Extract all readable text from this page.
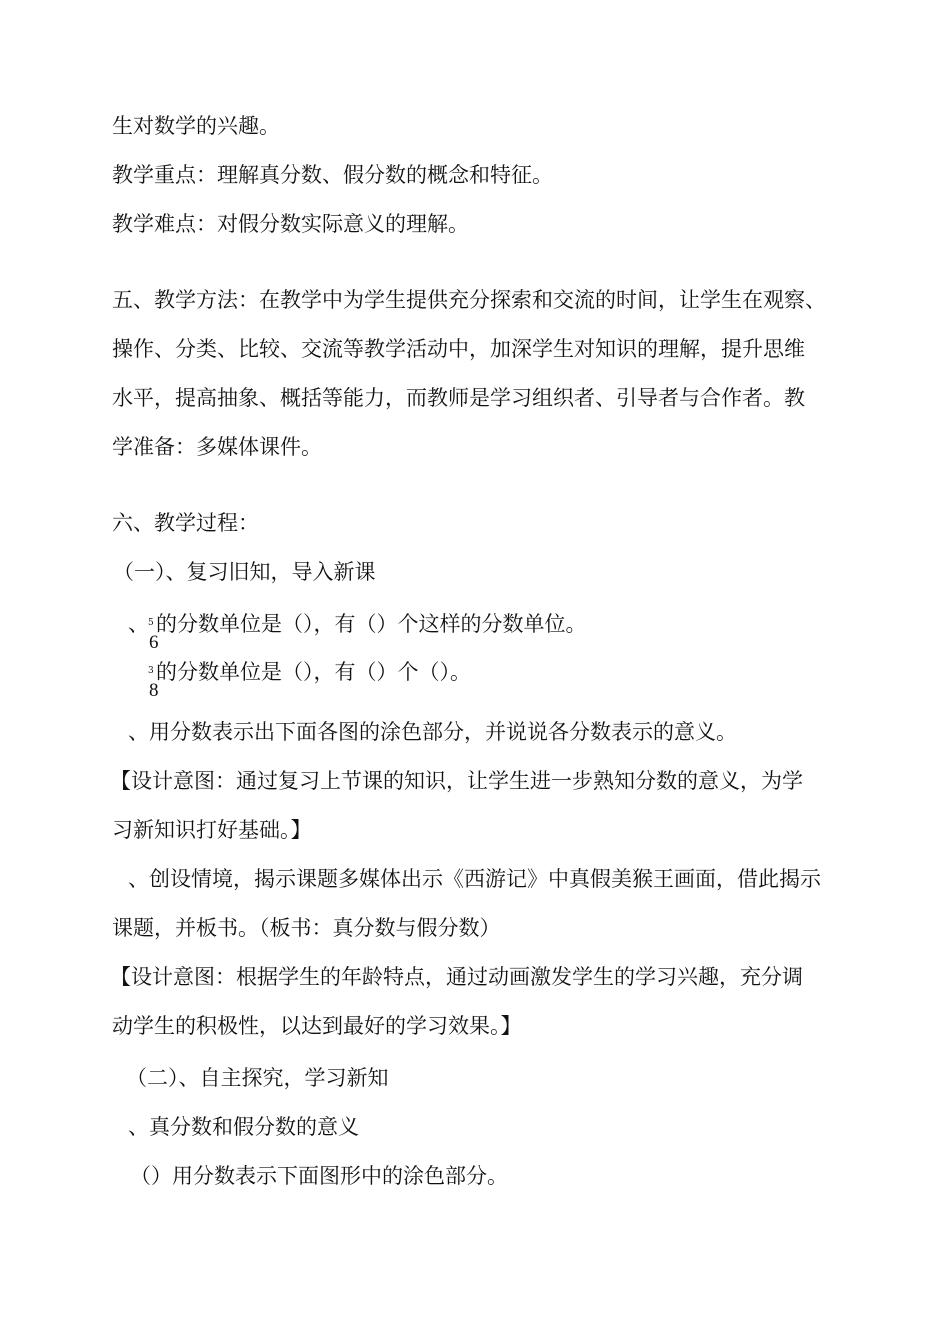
生对数学的兴趣。
教学重点：理解真分数、假分数的概念和特征。
教学难点：对假分数实际意义的理解。
五、教学方法：在教学中为学生提供充分探索和交流的时间，让学生在观察、
操作、分类、比较、交流等教学活动中，加深学生对知识的理解，提升思维
水平，提高抽象、概括等能力，而教师是学习组织者、引导者与合作者。教
学准备：多媒体课件。
六、教学过程：
（一）、复习旧知，导入新课
、 5
6
的分数单位是（），有（）个这样的分数单位。
3
8
的分数单位是（），有（）个（）。
、用分数表示出下面各图的涂色部分，并说说各分数表示的意义。
【设计意图：通过复习上节课的知识，让学生进一步熟知分数的意义，为学
习新知识打好基础。】
、创设情境，揭示课题多媒体出示《西游记》中真假美猴王画面，借此揭示
课题，并板书。（板书：真分数与假分数）
【设计意图：根据学生的年龄特点，通过动画激发学生的学习兴趣，充分调
动学生的积极性，以达到最好的学习效果。】
（二）、自主探究，学习新知
、真分数和假分数的意义
（）用分数表示下面图形中的涂色部分。
